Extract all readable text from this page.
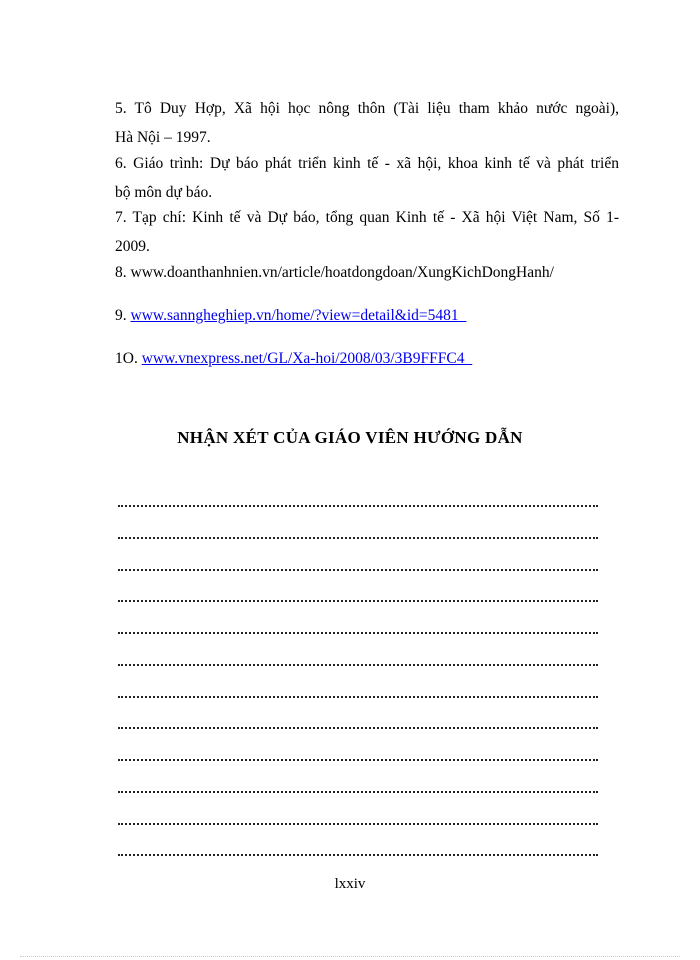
5. Tô Duy Hợp, Xã hội học nông thôn (Tài liệu tham khảo nước ngoài),
Hà Nội – 1997.

6. Giáo trình: Dự báo phát triển kinh tế - xã hội, khoa kinh tế và phát triển
bộ môn dự báo.

7. Tạp chí: Kinh tế và Dự báo, tổng quan Kinh tế - Xã hội Việt Nam, Số 1-
2009.

8. www.doanthanhnien.vn/article/hoatdongdoan/XungKichDongHanh/

9. www.sanngheghiep.vn/home/?view=detail&id=5481
1O. www.vnexpress.net/GL/Xa-hoi/2008/03/3B9FFFC4
NHẬN XÉT CỦA GIÁO VIÊN HƯỚNG DẪN
lxxiv
